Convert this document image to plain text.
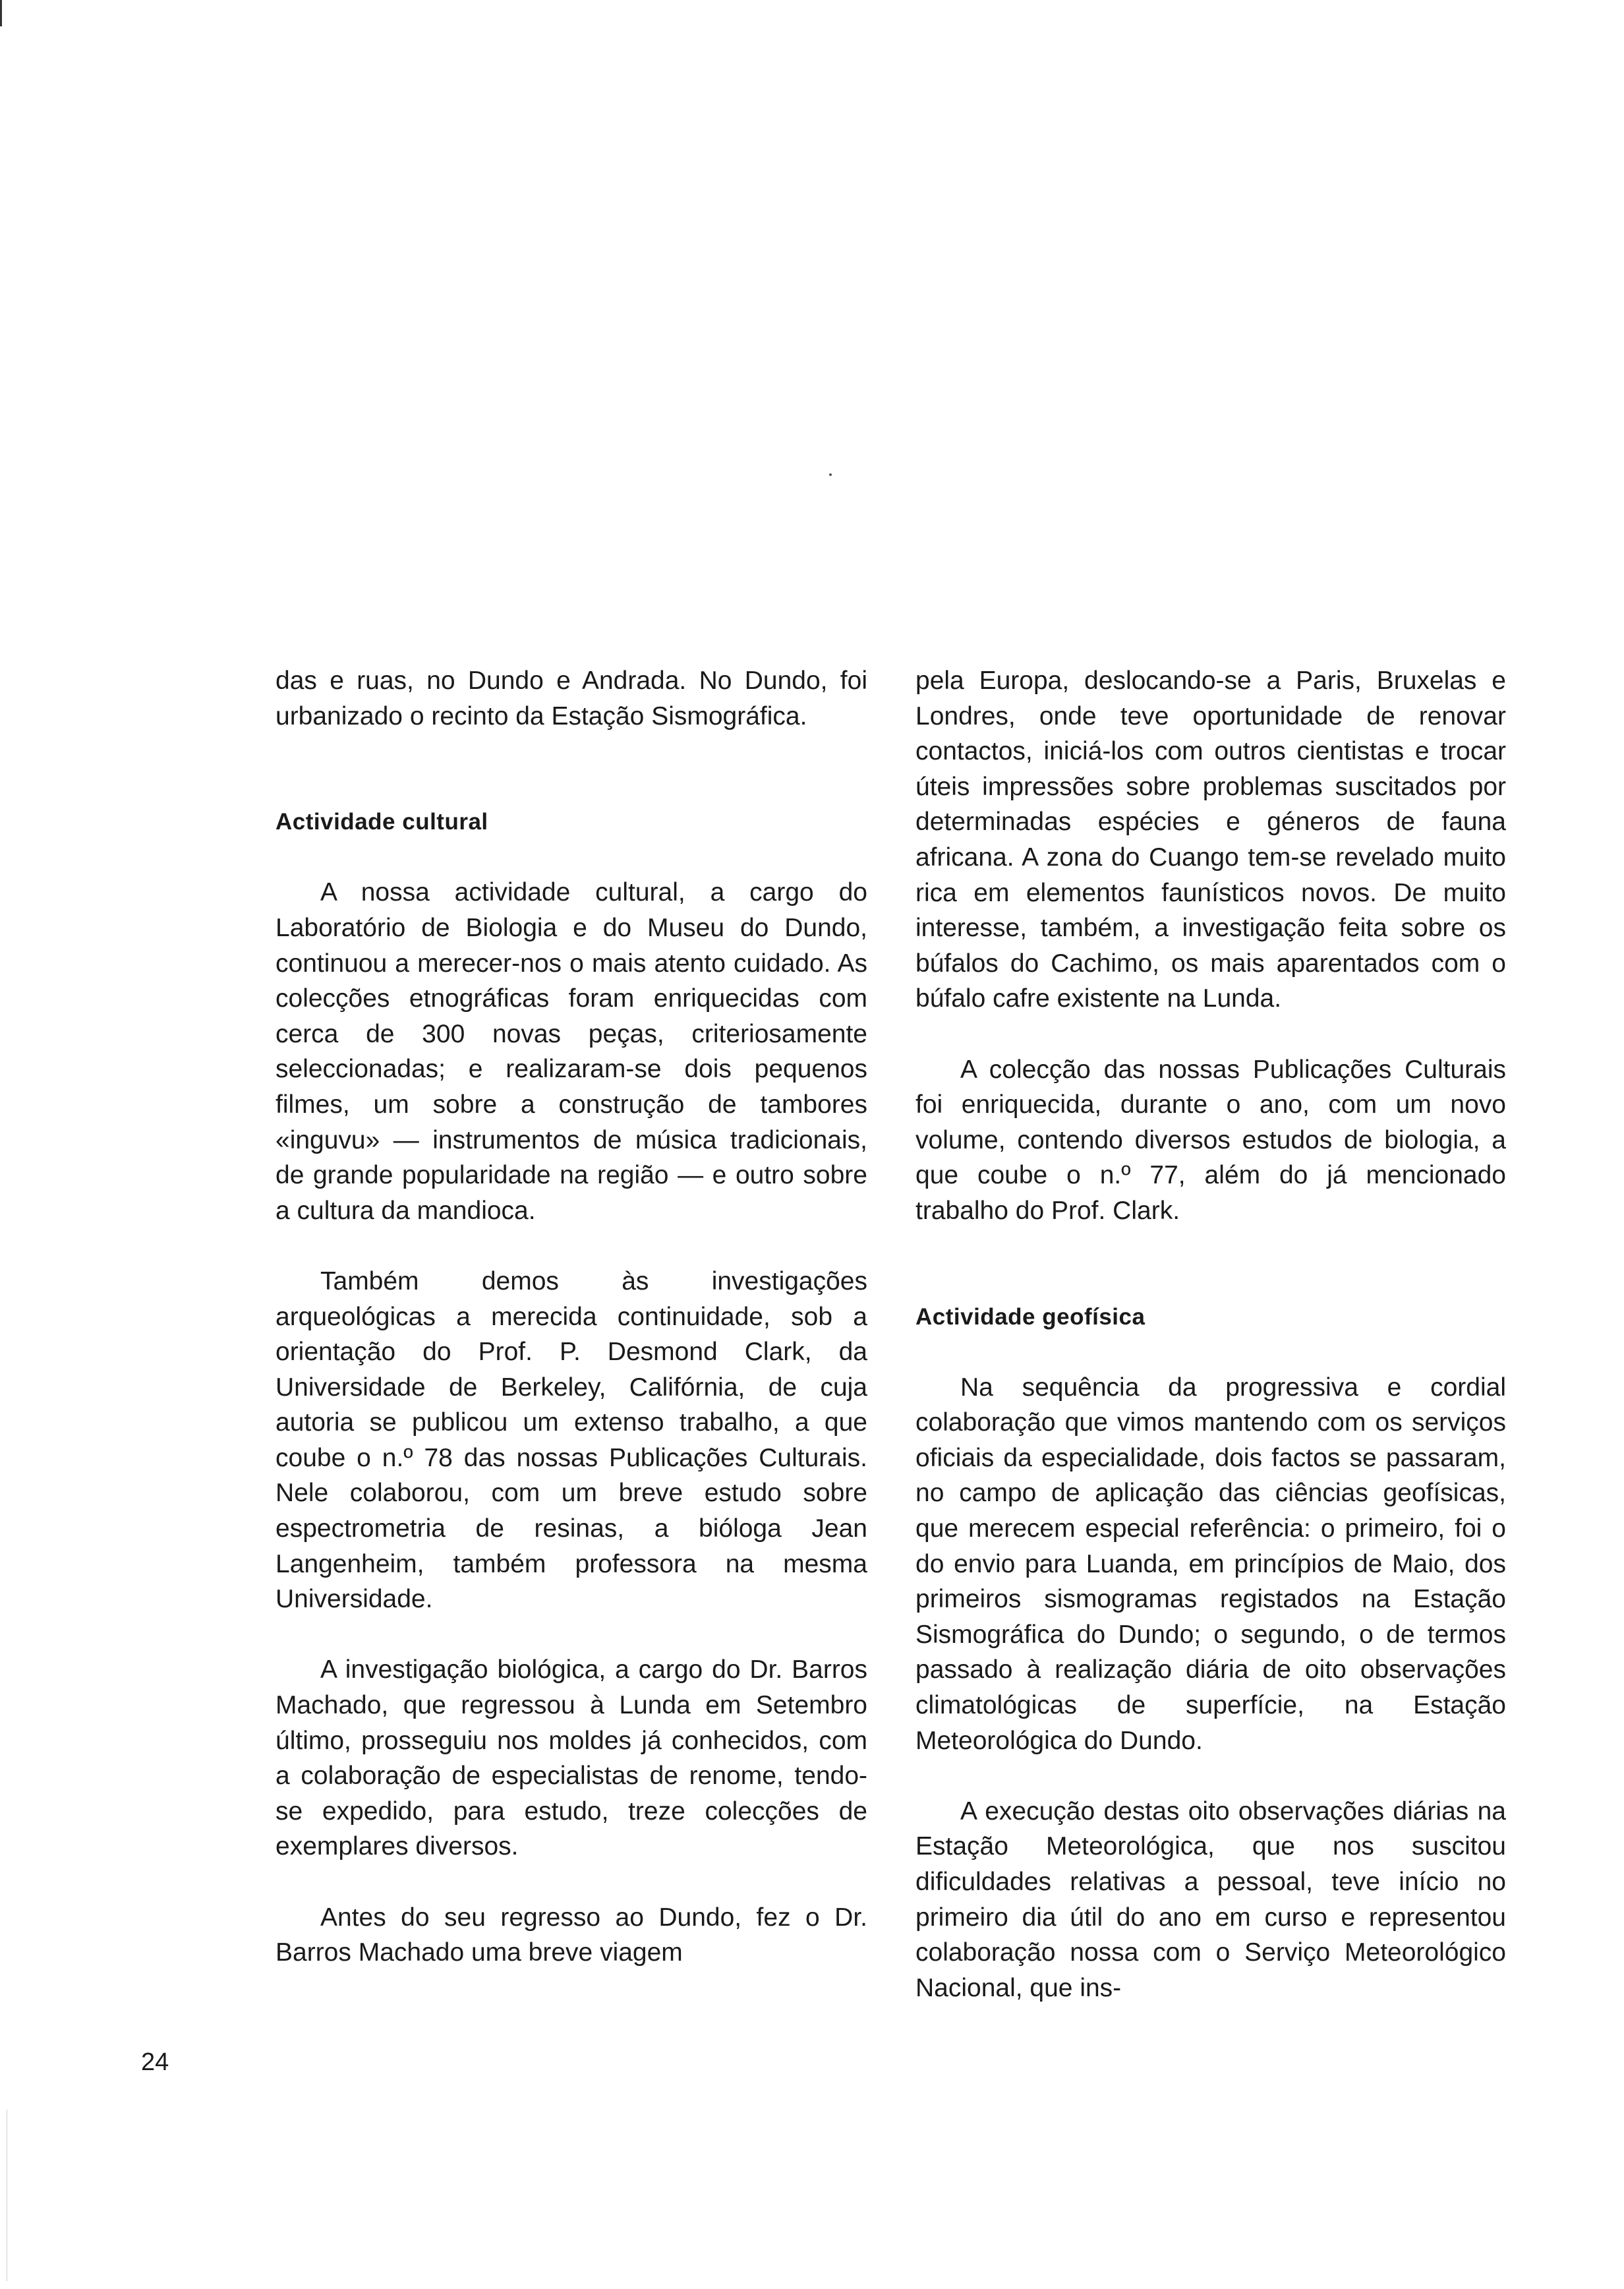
das e ruas, no Dundo e Andrada. No Dundo, foi urbanizado o recinto da Estação Sismográfica.

Actividade cultural

A nossa actividade cultural, a cargo do Laboratório de Biologia e do Museu do Dundo, continuou a merecer-nos o mais atento cuidado. As colecções etnográficas foram enriquecidas com cerca de 300 novas peças, criteriosamente seleccionadas; e realizaram-se dois pequenos filmes, um sobre a construção de tambores «inguvu» — instrumentos de música tradicionais, de grande popularidade na região — e outro sobre a cultura da mandioca.

Também demos às investigações arqueológicas a merecida continuidade, sob a orientação do Prof. P. Desmond Clark, da Universidade de Berkeley, Califórnia, de cuja autoria se publicou um extenso trabalho, a que coube o n.º 78 das nossas Publicações Culturais. Nele colaborou, com um breve estudo sobre espectrometria de resinas, a bióloga Jean Langenheim, também professora na mesma Universidade.

A investigação biológica, a cargo do Dr. Barros Machado, que regressou à Lunda em Setembro último, prosseguiu nos moldes já conhecidos, com a colaboração de especialistas de renome, tendo-se expedido, para estudo, treze colecções de exemplares diversos.

Antes do seu regresso ao Dundo, fez o Dr. Barros Machado uma breve viagem

pela Europa, deslocando-se a Paris, Bruxelas e Londres, onde teve oportunidade de renovar contactos, iniciá-los com outros cientistas e trocar úteis impressões sobre problemas suscitados por determinadas espécies e géneros de fauna africana. A zona do Cuango tem-se revelado muito rica em elementos faunísticos novos. De muito interesse, também, a investigação feita sobre os búfalos do Cachimo, os mais aparentados com o búfalo cafre existente na Lunda.

A colecção das nossas Publicações Culturais foi enriquecida, durante o ano, com um novo volume, contendo diversos estudos de biologia, a que coube o n.º 77, além do já mencionado trabalho do Prof. Clark.

Actividade geofísica

Na sequência da progressiva e cordial colaboração que vimos mantendo com os serviços oficiais da especialidade, dois factos se passaram, no campo de aplicação das ciências geofísicas, que merecem especial referência: o primeiro, foi o do envio para Luanda, em princípios de Maio, dos primeiros sismogramas registados na Estação Sismográfica do Dundo; o segundo, o de termos passado à realização diária de oito observações climatológicas de superfície, na Estação Meteorológica do Dundo.

A execução destas oito observações diárias na Estação Meteorológica, que nos suscitou dificuldades relativas a pessoal, teve início no primeiro dia útil do ano em curso e representou colaboração nossa com o Serviço Meteorológico Nacional, que ins-

24
